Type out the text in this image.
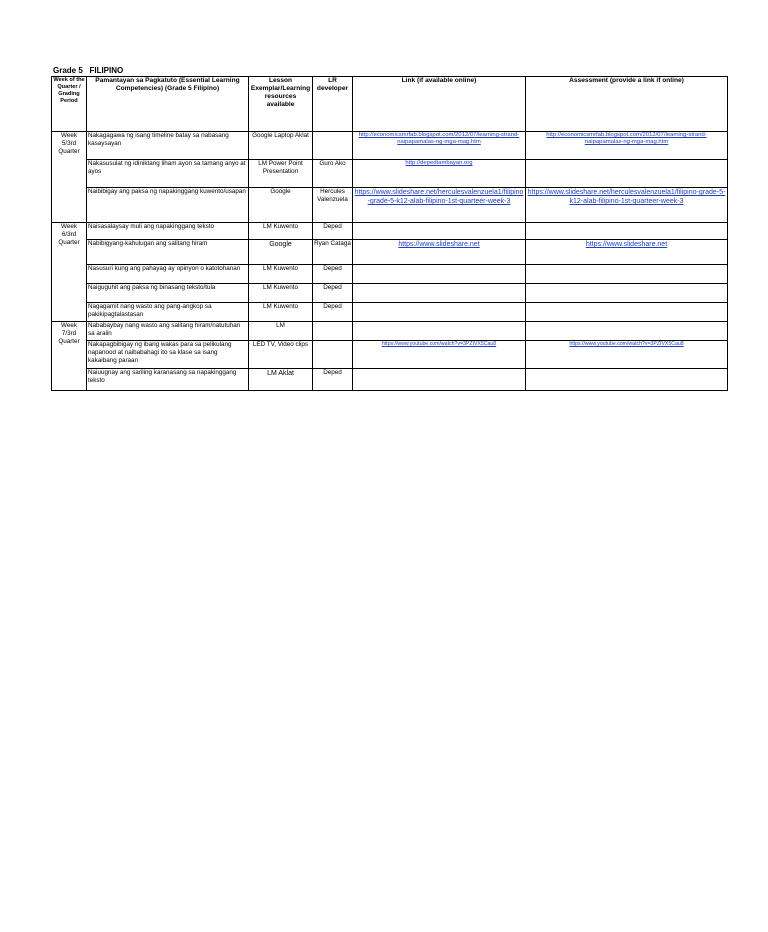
Grade 5   FILIPINO
Week of the Quarter / Grading Period	Pamantayan sa Pagkatuto (Essential Learning Competencies) (Grade 5 Filipino)	Lesson Exemplar/Learning resources available	LR developer	Link (if available online)	Assessment (provide a link if online)
Week 5/3rd Quarter	Nakagagawa ng isang timeline batay sa nabasang kasaysayan	Google Laptop Aklat		http://economicsmrfab.blogspot.com/2012/07/learning-strand-naipapamalas-ng-mga-mag.htm	http://economicsmrfab.blogspot.com/2012/07/learning-strand-naipapamalas-ng-mga-mag.htm

	Nakasusulat ng idiniktang liham ayon sa tamang anyo at ayos	LM Power Point Presentation	Guro Ako	http://depedtambayan.org	

	Naibibigay ang paksa ng napakinggang kuwento/usapan	Google	Hercules Valenzuela	https://www.slideshare.net/herculesvalenzuela1/filipino-grade-5-k12-alab-filipino-1st-quarteer-week-3	https://www.slideshare.net/herculesvalenzuela1/filipino-grade-5-k12-alab-filipino-1st-quarteer-week-3

Week 6/3rd Quarter	Naisasalaysay muli ang napakinggang teksto	LM Kuwento	Deped		
	Nabibigyang-kahulugan ang salitang hiram	Google	Ryan Cataga	https://www.slideshare.net	https://www.slideshare.net

	Nasusuri kung ang pahayag ay opinyon o katotohanan	LM Kuwento	Deped		
	Naiguguhit ang paksa ng binasang teksto/tula	LM Kuwento	Deped		
	Nagagamit nang wasto ang pang-angkop sa pakikipagtalastasan	LM Kuwento	Deped		
Week 7/3rd Quarter	Nababaybay nang wasto ang salitang hiram/natutuhan sa aralin	LM			
	Nakapagbibigay ng ibang wakas para sa pelikulang napanood at naibabahagi ito sa klase sa isang kakaibang paraan	LED TV, Video clips		https://www.youtube.com/watch?v=3PZIVX5Cau8	https://www.youtube.com/watch?v=3PZIVX5Cau8

	Naiuugnay ang sariling karanasang sa napakinggang teksto	LM Aklat	Deped		
